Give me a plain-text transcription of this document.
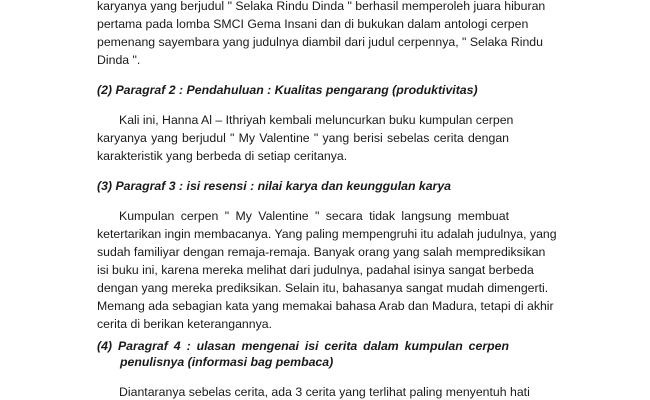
karyanya yang berjudul " Selaka Rindu Dinda " berhasil memperoleh juara hiburan
pertama pada lomba SMCI Gema Insani dan di bukukan dalam antologi cerpen
pemenang sayembara yang judulnya diambil dari judul cerpennya, " Selaka Rindu
Dinda ".
(2) Paragraf 2 : Pendahuluan : Kualitas pengarang (produktivitas)
Kali ini, Hanna Al – Ithriyah kembali meluncurkan buku kumpulan cerpen
karyanya yang berjudul " My Valentine " yang berisi sebelas cerita dengan
karakteristik yang berbeda di setiap ceritanya.
(3) Paragraf 3 : isi resensi : nilai karya dan keunggulan karya
Kumpulan cerpen " My Valentine " secara tidak langsung membuat
ketertarikan ingin membacanya. Yang paling mempengruhi itu adalah judulnya, yang
sudah familiyar dengan remaja-remaja. Banyak orang yang salah memprediksikan
isi buku ini, karena mereka melihat dari judulnya, padahal isinya sangat berbeda
dengan yang mereka prediksikan. Selain itu, bahasanya sangat mudah dimengerti.
Memang ada sebagian kata yang memakai bahasa Arab dan Madura, tetapi di akhir
cerita di berikan keterangannya.
(4) Paragraf 4 : ulasan mengenai isi cerita dalam kumpulan cerpen
penulisnya (informasi bag pembaca)
Diantaranya sebelas cerita, ada 3 cerita yang terlihat paling menyentuh hati
